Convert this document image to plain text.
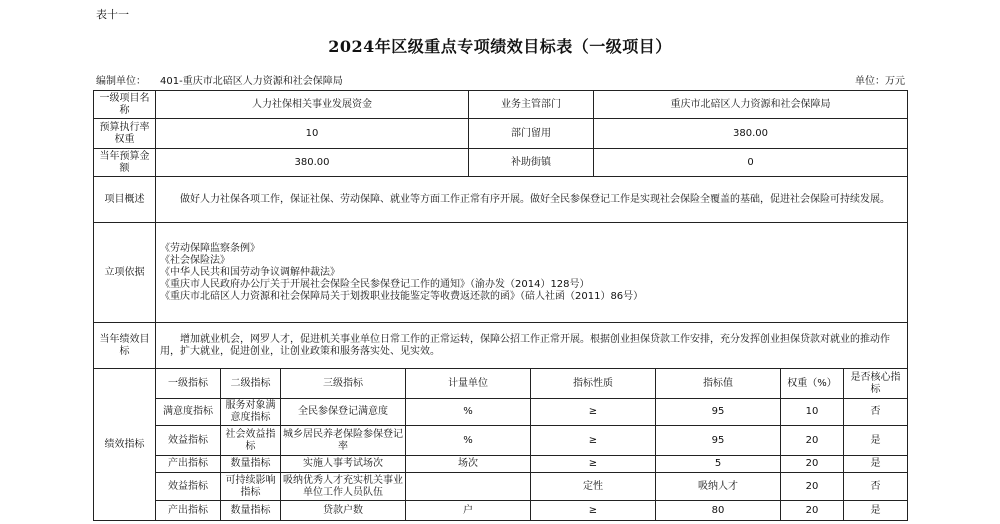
表十一
2024年区级重点专项绩效目标表（一级项目）
编制单位： 401-重庆市北碚区人力资源和社会保障局	单位：万元
一级项目名称	人力社保相关事业发展资金				业务主管部门		重庆市北碚区人力资源和社会保障局			
预算执行率权重	10				部门留用		380.00			
当年预算金额	380.00				补助街镇		0			
项目概述	做好人力社保各项工作，保证社保、劳动保障、就业等方面工作正常有序开展。做好全民参保登记工作是实现社会保险全覆盖的基础，促进社会保险可持续发展。									
立项依据	《劳动保障监察条例》
《社会保险法》
《中华人民共和国劳动争议调解仲裁法》
《重庆市人民政府办公厅关于开展社会保险全民参保登记工作的通知》（渝办发（2014）128号）
《重庆市北碚区人力资源和社会保障局关于划拨职业技能鉴定等收费返还款的函》（碚人社函（2011）86号）									

当年绩效目标	增加就业机会，网罗人才，促进机关事业单位日常工作的正常运转，保障公招工作正常开展。根据创业担保贷款工作安排，充分发挥创业担保贷款对就业的推动作用，扩大就业，促进创业，让创业政策和服务落实处、见实效。									
绩效指标	一级指标	二级指标	三级指标	计量单位		指标性质		指标值	权重（%）	是否核心指标
	满意度指标	服务对象满意度指标	全民参保登记满意度	%		≥		95	10	否
	效益指标	社会效益指标	城乡居民养老保险参保登记率	%		≥		95	20	是
	产出指标	数量指标	实施人事考试场次	场次		≥		5	20	是
	效益指标	可持续影响指标	吸纳优秀人才充实机关事业单位工作人员队伍			定性		吸纳人才	20	否
	产出指标	数量指标	贷款户数	户		≥		80	20	是
